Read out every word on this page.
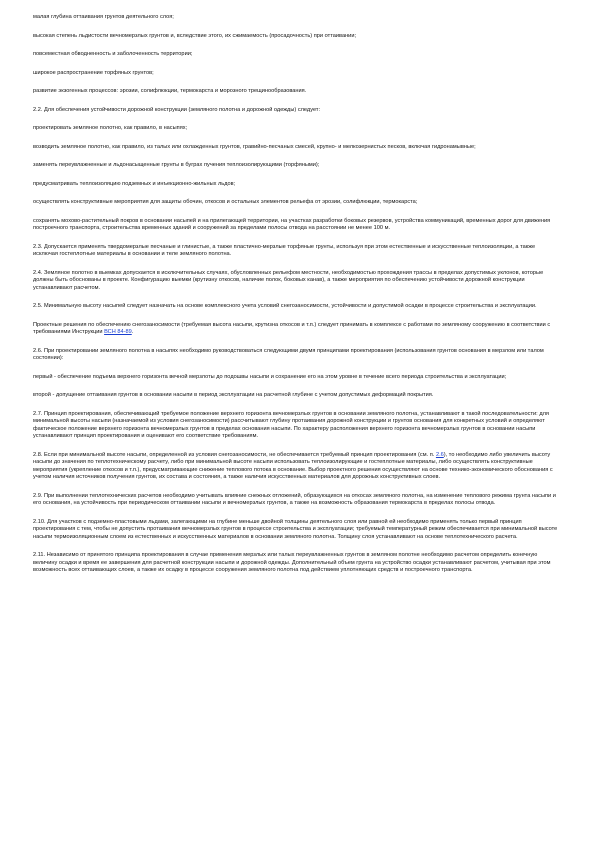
малая глубина оттаивания грунтов деятельного слоя;

высокая степень льдистости вечномерзлых грунтов и, вследствие этого, их сжимаемость (просадочность) при оттаивании;

повсеместная обводненность и заболоченность территории;

широкое распространение торфяных грунтов;

развитие экзогенных процессов: эрозии, солифлюкции, термокарста и морозного трещинообразования.

2.2. Для обеспечения устойчивости дорожной конструкции (земляного полотна и дорожной одежды) следует:

проектировать земляное полотно, как правило, в насыпях;

возводить земляное полотно, как правило, из талых или охлажденных грунтов, гравийно-песчаных смесей, крупно- и мелкозернистых песков, включая гидронамывные;

заменять переувлажненные и льдонасыщенные грунты в буграх пучения теплоизолирующими (торфяными);

предусматривать теплоизоляцию подземных и инъекционно-жильных льдов;

осуществлять конструктивные мероприятия для защиты обочин, откосов и остальных элементов рельефа от эрозии, солифлюкции, термокарста;

сохранять мохово-растительный покров в основании насыпей и на прилегающей территории, на участках разработки боковых резервов, устройства коммуникаций, временных дорог для движения построечного транспорта, строительства временных зданий и сооружений за пределами полосы отвода на расстоянии не менее 100 м.

2.3. Допускается применять твердомерзлые песчаные и глинистые, а также пластично-мерзлые торфяные грунты, используя при этом естественные и искусственные теплоизоляции, а также исключая гостеплотные материалы в основании и теле земляного полотна.

2.4. Земляное полотно в выемках допускается в исключительных случаях, обусловленных рельефом местности, необходимостью прохождения трассы в пределах допустимых уклонов, которые должны быть обоснованы в проекте. Конфигурацию выемки (крутизну откосов, наличие полок, боковых канав), а также мероприятия по обеспечению устойчивости дорожной конструкции устанавливают расчетом.

2.5. Минимальную высоту насыпей следует назначать на основе комплексного учета условий снегозаносимости, устойчивости и допустимой осадки в процессе строительства и эксплуатации.

Проектные решения по обеспечению снегозаносимости (требуемая высота насыпи, крутизна откосов и т.п.) следует принимать в комплексе с работами по земляному сооружению в соответствии с требованиями Инструкции ВСН 84-89.

2.6. При проектировании земляного полотна в насыпях необходимо руководствоваться следующими двумя принципами проектирования (использования грунтов основания в мерзлом или талом состоянии):

первый - обеспечение подъема верхнего горизонта вечной мерзлоты до подошвы насыпи и сохранение его на этом уровне в течение всего периода строительства и эксплуатации;

второй - допущение оттаивания грунтов в основании насыпи в период эксплуатации на расчетной глубине с учетом допустимых деформаций покрытия.

2.7. Принцип проектирования, обеспечивающий требуемое положение верхнего горизонта вечномерзлых грунтов в основании земляного полотна, устанавливают в такой последовательности: для минимальной высоты насыпи (назначаемой из условия снегозаносимости) рассчитывают глубину протаивания дорожной конструкции и грунтов основания для конкретных условий и определяют фактическое положение верхнего горизонта вечномерзлых грунтов в пределах основания насыпи. По характеру расположения верхнего горизонта вечномерзлых грунтов в основании насыпи устанавливают принцип проектирования и оценивают его соответствие требованиям.

2.8. Если при минимальной высоте насыпи, определенной из условия снегозаносимости, не обеспечивается требуемый принцип проектирования (см. п. 2.6), то необходимо либо увеличить высоту насыпи до значения по теплотехническому расчету, либо при минимальной высоте насыпи использовать теплоизолирующие и гостеплотные материалы, либо осуществлять конструктивные мероприятия (укрепление откосов и т.п.), предусматривающие снижение теплового потока в основание. Выбор проектного решения осуществляют на основе технико-экономического обоснования с учетом наличия источников получения грунтов, их состава и состояния, а также наличия искусственных материалов для дорожных конструктивных слоев.

2.9. При выполнении теплотехнических расчетов необходимо учитывать влияние снежных отложений, образующихся на откосах земляного полотна, на изменение теплового режима грунта насыпи и его основания, на устойчивость при периодическом оттаивании насыпи и вечномерзлых грунтов, а также на возможность образования термокарста в пределах полосы отвода.

2.10. Для участков с подземно-пластовыми льдами, залегающими на глубине меньше двойной толщины деятельного слоя или равной ей необходимо применять только первый принцип проектирования с тем, чтобы не допустить протаивания вечномерзлых грунтов в процессе строительства и эксплуатации; требуемый температурный режим обеспечивается при минимальной высоте насыпи термоизоляционным слоем из естественных и искусственных материалов в основании земляного полотна. Толщину слоя устанавливают на основе теплотехнического расчета.

2.11. Независимо от принятого принципа проектирования в случае применения мерзлых или талых переувлажненных грунтов в земляном полотне необходимо расчетом определить конечную величину осадки и время ее завершения для расчетной конструкции насыпи и дорожной одежды. Дополнительный объем грунта на устройство осадки устанавливают расчетом, учитывая при этом возможность всех оттаивающих слоев, а также их осадку в процессе сооружения земляного полотна под действием уплотняющих средств и построечного транспорта.
